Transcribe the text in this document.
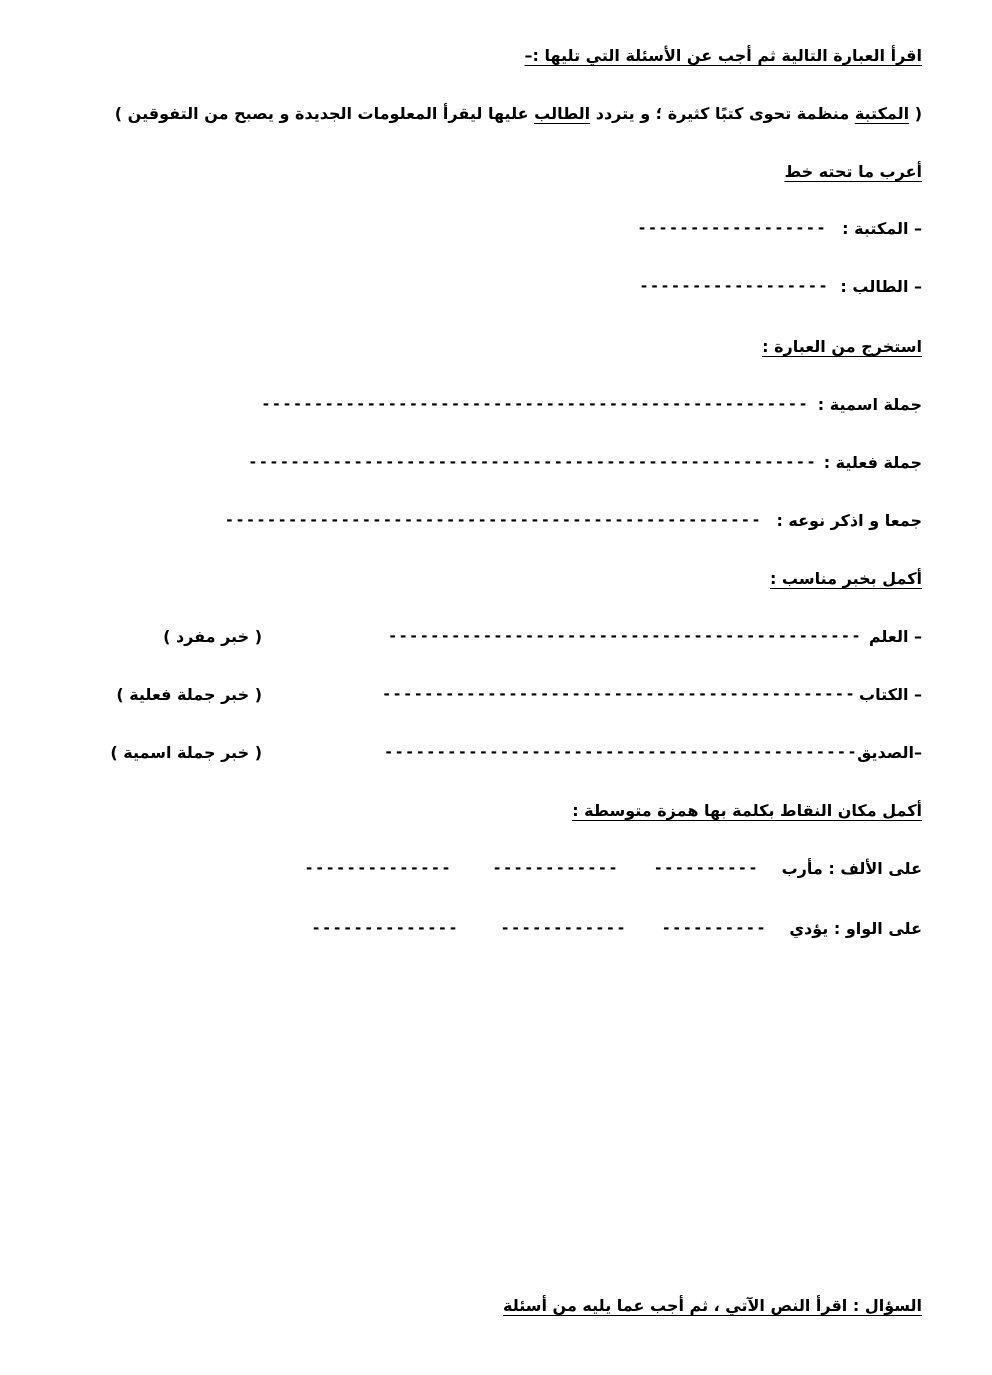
اقرأ العبارة التالية ثم أجب عن الأسئلة التي تليها :–
( المكتبة منظمة تحوى كتبًا كثيرة ؛ و يتردد الطالب عليها ليقرأ المعلومات الجديدة و يصبح من التفوقين )
أعرب ما تحته خط
– المكتبة :
------------------
– الطالب :
------------------
استخرج من العبارة :
جملة اسمية :
----------------------------------------------------
جملة فعلية :
------------------------------------------------------
جمعا و اذكر نوعه :
---------------------------------------------------
أكمل بخبر مناسب :
– العلم
---------------------------------------------
( خبر مفرد )
– الكتاب
---------------------------------------------
( خبر جملة فعلية )
–الصديق
---------------------------------------------
( خبر جملة اسمية )
أكمل مكان النقاط بكلمة بها همزة متوسطة :
على الألف : مأرب
----------
------------
--------------
على الواو : يؤدي
----------
------------
--------------
السؤال : اقرأ النص الآتي ، ثم أجب عما يليه من أسئلة
